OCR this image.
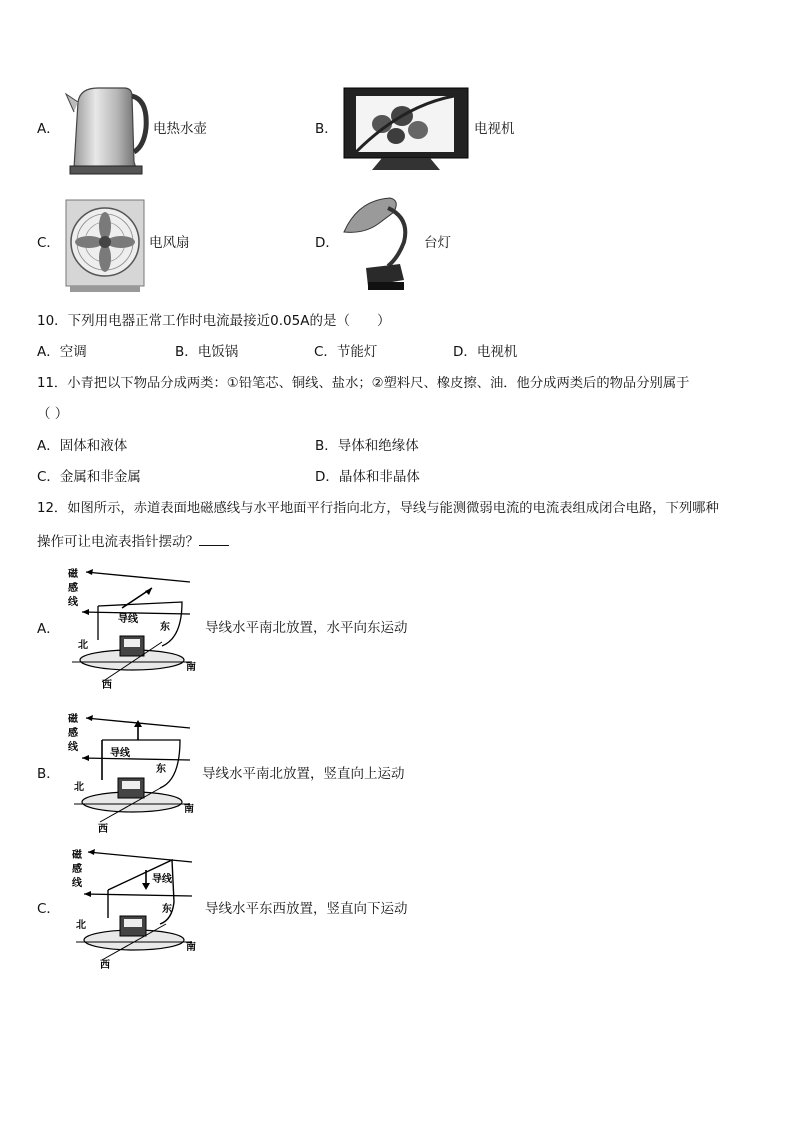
A．	电热水壶	B．	电视机
C．	电风扇	D．	台灯
10．下列用电器正常工作时电流最接近0.05A的是（　　）
A．空调	B．电饭锅	C．节能灯	D．电视机
11．小青把以下物品分成两类：①铅笔芯、铜线、盐水；②塑料尺、橡皮擦、油．他分成两类后的物品分别属于
（ ）
A．固体和液体	B．导体和绝缘体
C．金属和非金属	D．晶体和非晶体
12．如图所示，赤道表面地磁感线与水平地面平行指向北方，导线与能测微弱电流的电流表组成闭合电路，下列哪种
操作可让电流表指针摆动？
A．
磁
感
线
导线
东
北
南
西
导线水平南北放置，水平向东运动
B．
磁
感
线
导线
东
北
南
西
导线水平南北放置，竖直向上运动
C．
磁
感
线	导线
东
北
南
西
导线水平东西放置，竖直向下运动
